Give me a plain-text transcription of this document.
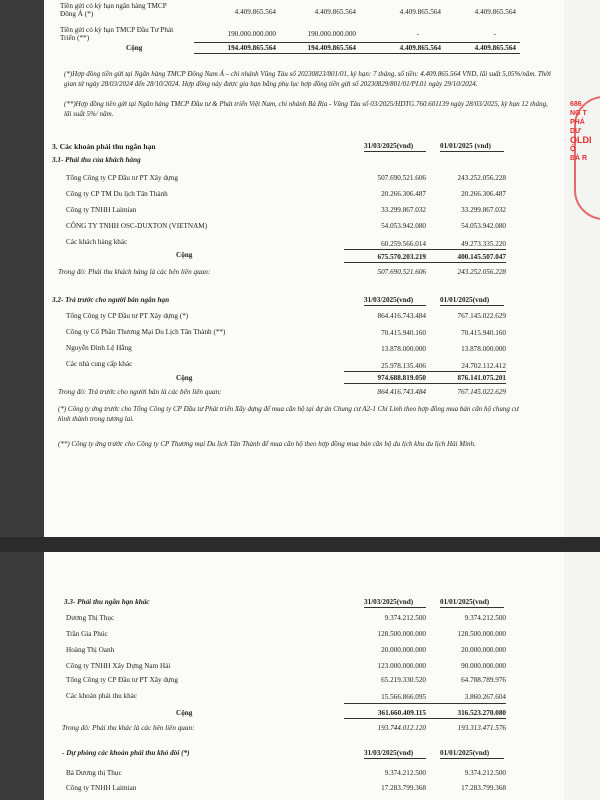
Tiền gửi có kỳ hạn ngân hàng TMCP
Đông Á (*)	4.409.865.564	4.409.865.564	4.409.865.564	4.409.865.564
Tiền gửi có kỳ hạn TMCP Đầu Tư Phát
Triển (**)	190.000.000.000	190.000.000.000	-	-
Cộng	194.409.865.564	194.409.865.564	4.409.865.564	4.409.865.564
(*)Hợp đồng tiền gửi tại Ngân hàng TMCP Đông Nam Á – chi nhánh Vũng Tàu số 20230823/801/01, kỳ hạn: 7 tháng, số tiền: 4.409.865.564 VND, lãi suất 5,05%/năm. Thời gian từ ngày 28/03/2024 đến 28/10/2024. Hợp đồng này được gia hạn bằng phụ lục hợp đồng tiền gửi số 20230829/801/01/PL01 ngày 29/10/2024.
(**)Hợp đồng tiền gửi tại Ngân hàng TMCP Đầu tư & Phát triển Việt Nam, chi nhánh Bà Rịa - Vũng Tàu số 03/2025/HDTG.760.601139 ngày 28/03/2025, kỳ hạn 12 tháng, lãi suất 5%/ năm.
3. Các khoản phải thu ngắn hạn	31/03/2025(vnd)	01/01/2025 (vnd)
3.1- Phải thu của khách hàng
Tổng Công ty CP Đầu tư PT Xây dựng	507.690.521.606	243.252.056.228
Công ty CP TM Du lịch Tân Thành	20.266.306.487	20.266.306.487
Công ty TNHH Laimian	33.299.867.032	33.299.867.032
CÔNG TY TNHH OSC-DUXTON (VIETNAM)	54.053.942.080	54.053.942.080
Các khách hàng khác	60.259.566.014	49.273.335.220
Cộng	675.570.203.219	400.145.507.047
Trong đó: Phải thu khách hàng là các bên liên quan:	507.690.521.606	243.252.056.228
3.2- Trả trước cho người bán ngắn hạn	31/03/2025(vnd)	01/01/2025(vnd)
Tổng Công ty CP Đầu tư PT Xây dựng (*)	864.416.743.484	767.145.022.629
Công ty Cổ Phần Thương Mại Du Lịch Tân Thành (**)	70.415.940.160	70.415.940.160
Nguyễn Đình Lệ Hằng	13.878.000.000	13.878.000.000
Các nhà cung cấp khác	25.978.135.406	24.702.112.412
Cộng	974.688.819.050	876.141.075.201
Trong đó: Trả trước cho người bán là các bên liên quan:	864.416.743.484	767.145.022.629
(*) Công ty ứng trước cho Tổng Công ty CP Đầu tư Phát triển Xây dựng để mua căn hộ tại dự án Chung cư A2-1 Chí Linh theo hợp đồng mua bán căn hộ chung cư hình thành trong tương lai.
(**) Công ty ứng trước cho Công ty CP Thương mại Du lịch Tân Thành để mua căn hộ theo hợp đồng mua bán căn hộ du lịch khu du lịch Hải Minh.
3.3- Phải thu ngắn hạn khác	31/03/2025(vnd)	01/01/2025(vnd)
Dương Thị Thục	9.374.212.500	9.374.212.500
Trần Gia Phúc	128.500.000.000	128.500.000.000
Hoàng Thị Oanh	20.000.000.000	20.000.000.000
Công ty TNHH Xây Dựng Nam Hải	123.000.000.000	90.000.000.000
Tổng Công ty CP Đầu tư PT Xây dựng	65.219.330.520	64.788.789.976
Các khoản phải thu khác	15.566.866.095	3.860.267.604
Cộng	361.660.409.115	316.523.270.080
Trong đó: Phải thu khác là các bên liên quan:	193.744.012.120	193.313.471.576
- Dự phòng các khoản phải thu khó đòi (*)	31/03/2025(vnd)	01/01/2025(vnd)
Bà Dương thị Thục	9.374.212.500	9.374.212.500
Công ty TNHH Laimian	17.283.799.368	17.283.799.368
686
NG T
PHÁ
DƯ
OLDI
Ộ
BÀ R
